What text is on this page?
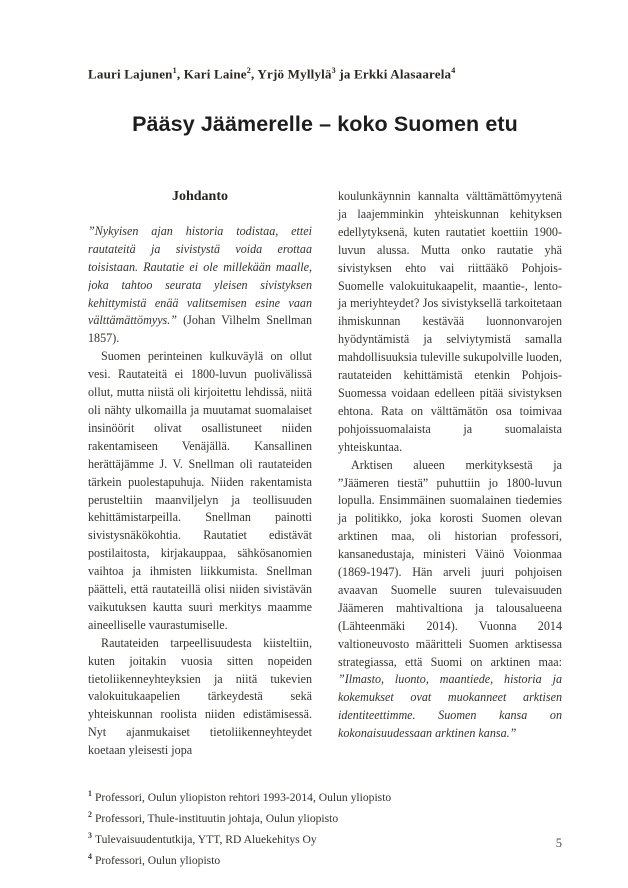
Lauri Lajunen$^1$, Kari Laine$^2$, Yrjö Myllylä$^3$ ja Erkki Alasaarela$^4$
Pääsy Jäämerelle – koko Suomen etu
Johdanto

”Nykyisen ajan historia todistaa, ettei rautateitä ja sivistystä voida erottaa toisistaan. Rautatie ei ole millekään maalle, joka tahtoo seurata yleisen sivistyksen kehittymistä enää valitsemisen esine vaan välttämättömyys.” (Johan Vilhelm Snellman 1857).

Suomen perinteinen kulkuväylä on ollut vesi. Rautateitä ei 1800-luvun puolivälissä ollut, mutta niistä oli kirjoitettu lehdissä, niitä oli nähty ulkomailla ja muutamat suomalaiset insinöörit olivat osallistuneet niiden rakentamiseen Venäjällä. Kansallinen herättäjämme J. V. Snellman oli rautateiden tärkein puolestapuhuja. Niiden rakentamista perusteltiin maanviljelyn ja teollisuuden kehittämistarpeilla. Snellman painotti sivistysnäkökohtia. Rautatiet edistävät postilaitosta, kirjakauppaa, sähkösanomien vaihtoa ja ihmisten liikkumista. Snellman päätteli, että rautateillä olisi niiden sivistävän vaikutuksen kautta suuri merkitys maamme aineelliselle vaurastumiselle.

Rautateiden tarpeellisuudesta kiisteltiin, kuten joitakin vuosia sitten nopeiden tietoliikenneyhteyksien ja niitä tukevien valokuitukaapelien tärkeydestä sekä yhteiskunnan roolista niiden edistämisessä. Nyt ajanmukaiset tietoliikenneyhteydet koetaan yleisesti jopa

koulunkäynnin kannalta välttämättömyytenä ja laajemminkin yhteiskunnan kehityksen edellytyksenä, kuten rautatiet koettiin 1900-luvun alussa. Mutta onko rautatie yhä sivistyksen ehto vai riittääkö Pohjois-Suomelle valokuitukaapelit, maantie-, lento- ja meriyhteydet? Jos sivistyksellä tarkoitetaan ihmiskunnan kestävää luonnonvarojen hyödyntämistä ja selviytymistä samalla mahdollisuuksia tuleville sukupolville luoden, rautateiden kehittämistä etenkin Pohjois-Suomessa voidaan edelleen pitää sivistyksen ehtona. Rata on välttämätön osa toimivaa pohjoissuomalaista ja suomalaista yhteiskuntaa.

Arktisen alueen merkityksestä ja ”Jäämeren tiestä” puhuttiin jo 1800-luvun lopulla. Ensimmäinen suomalainen tiedemies ja politikko, joka korosti Suomen olevan arktinen maa, oli historian professori, kansanedustaja, ministeri Väinö Voionmaa (1869-1947). Hän arveli juuri pohjoisen avaavan Suomelle suuren tulevaisuuden Jäämeren mahtivaltiona ja talousalueena (Lähteenmäki 2014). Vuonna 2014 valtioneuvosto määritteli Suomen arktisessa strategiassa, että Suomi on arktinen maa: ”Ilmasto, luonto, maantiede, historia ja kokemukset ovat muokanneet arktisen identiteettimme. Suomen kansa on kokonaisuudessaan arktinen kansa.”

$^1$ Professori, Oulun yliopiston rehtori 1993-2014, Oulun yliopisto
$^2$ Professori, Thule-instituutin johtaja, Oulun yliopisto
$^3$ Tulevaisuudentutkija, YTT, RD Aluekehitys Oy
$^4$ Professori, Oulun yliopisto
5
